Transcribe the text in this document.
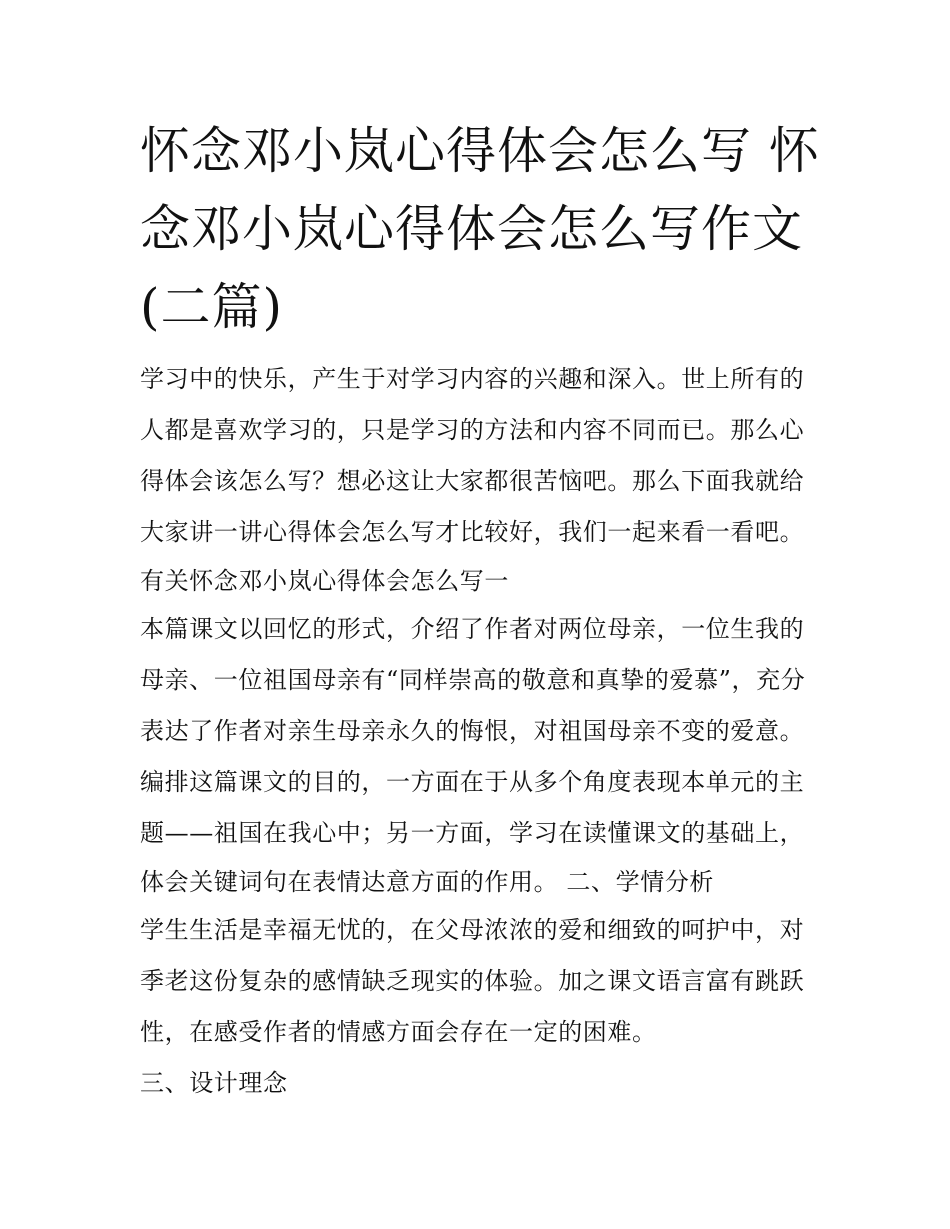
怀念邓小岚心得体会怎么写 怀
念邓小岚心得体会怎么写作文
(二篇)
学习中的快乐，产生于对学习内容的兴趣和深入。世上所有的
人都是喜欢学习的，只是学习的方法和内容不同而已。那么心
得体会该怎么写？想必这让大家都很苦恼吧。那么下面我就给
大家讲一讲心得体会怎么写才比较好，我们一起来看一看吧。
有关怀念邓小岚心得体会怎么写一
本篇课文以回忆的形式，介绍了作者对两位母亲，一位生我的
母亲、一位祖国母亲有“同样崇高的敬意和真挚的爱慕”，充分
表达了作者对亲生母亲永久的悔恨，对祖国母亲不变的爱意。
编排这篇课文的目的，一方面在于从多个角度表现本单元的主
题——祖国在我心中；另一方面，学习在读懂课文的基础上，
体会关键词句在表情达意方面的作用。 二、学情分析
学生生活是幸福无忧的，在父母浓浓的爱和细致的呵护中，对
季老这份复杂的感情缺乏现实的体验。加之课文语言富有跳跃
性，在感受作者的情感方面会存在一定的困难。
三、设计理念
